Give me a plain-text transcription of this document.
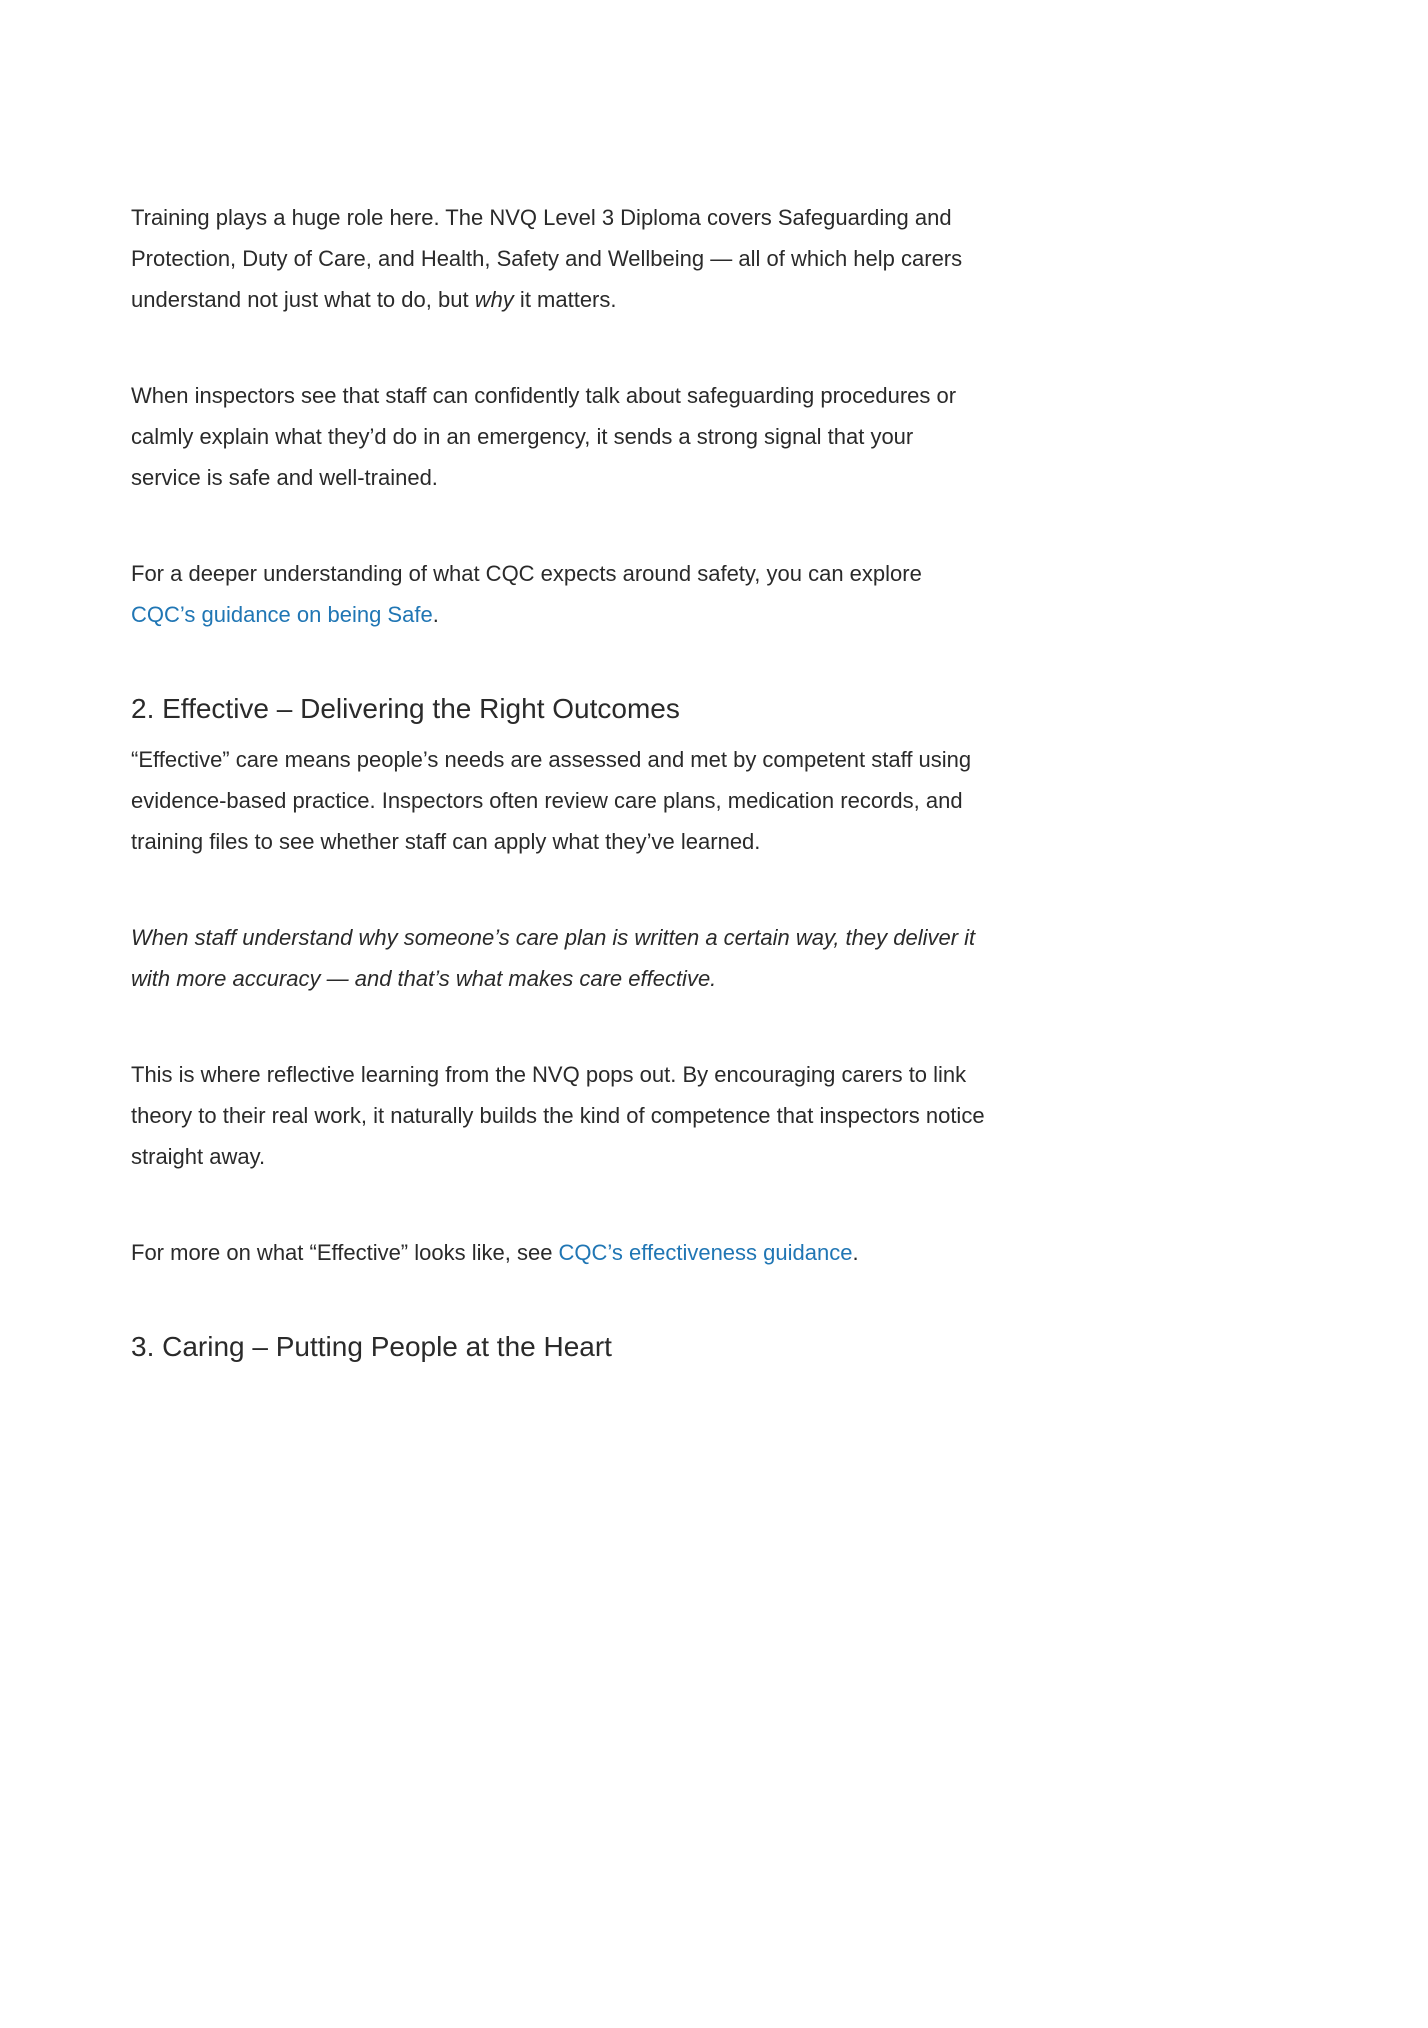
Training plays a huge role here. The NVQ Level 3 Diploma covers Safeguarding and Protection, Duty of Care, and Health, Safety and Wellbeing — all of which help carers understand not just what to do, but why it matters.

When inspectors see that staff can confidently talk about safeguarding procedures or calmly explain what they’d do in an emergency, it sends a strong signal that your service is safe and well-trained.

For a deeper understanding of what CQC expects around safety, you can explore CQC’s guidance on being Safe.

2. Effective – Delivering the Right Outcomes

“Effective” care means people’s needs are assessed and met by competent staff using evidence-based practice. Inspectors often review care plans, medication records, and training files to see whether staff can apply what they’ve learned.

When staff understand why someone’s care plan is written a certain way, they deliver it with more accuracy — and that’s what makes care effective.

This is where reflective learning from the NVQ pops out. By encouraging carers to link theory to their real work, it naturally builds the kind of competence that inspectors notice straight away.

For more on what “Effective” looks like, see CQC’s effectiveness guidance.

3. Caring – Putting People at the Heart
